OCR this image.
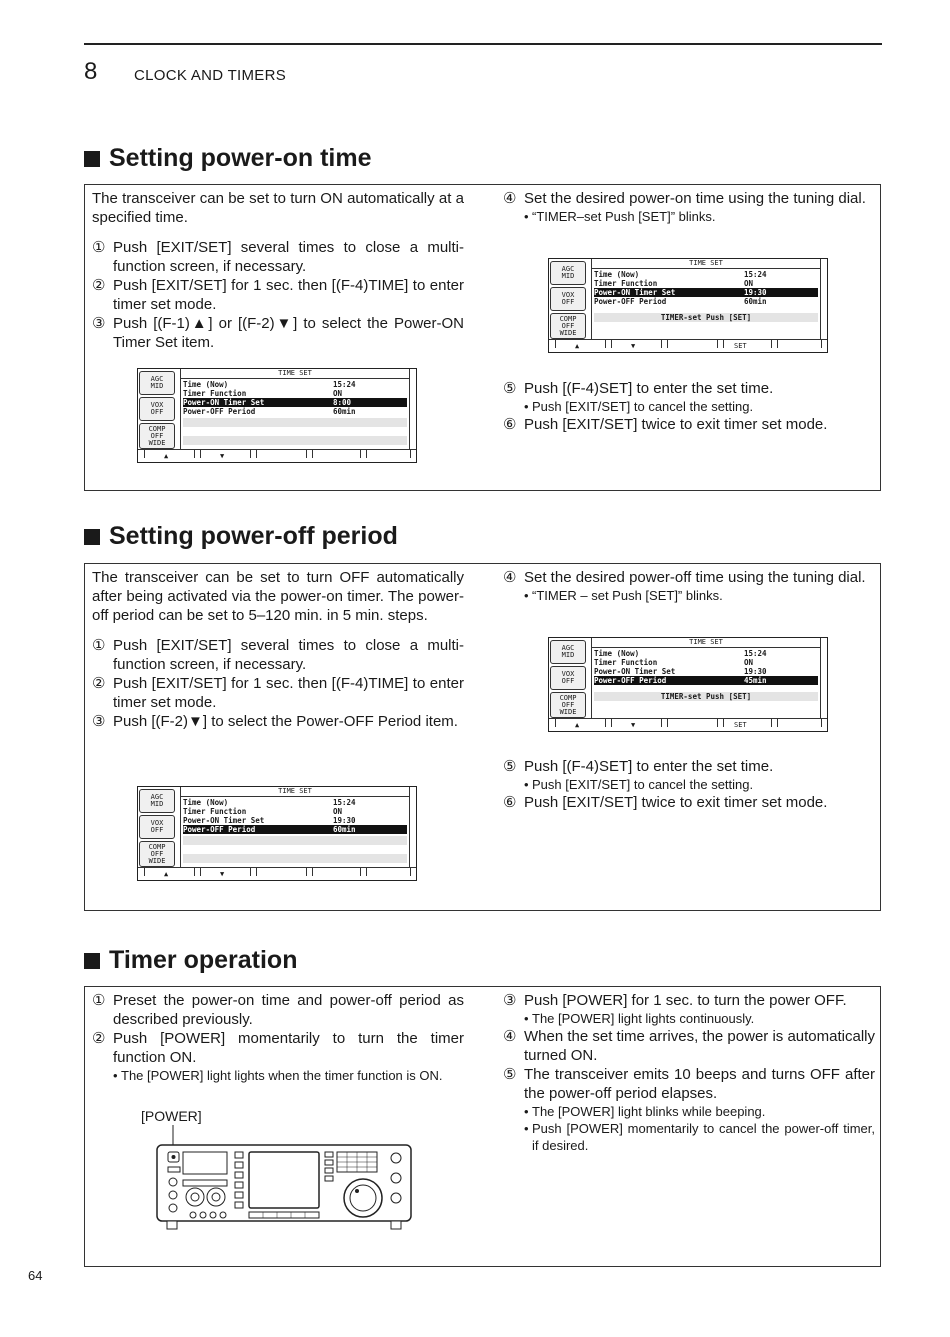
8 CLOCK AND TIMERS
Setting power-on time

The transceiver can be set to turn ON automatically at a specified time.

① Push [EXIT/SET] several times to close a multi-function screen, if necessary.
② Push [EXIT/SET] for 1 sec. then [(F-4)TIME] to enter timer set mode.
③ Push [(F-1)▲] or [(F-2)▼] to select the Power-ON Timer Set item.
AGC
MID
VOX
OFF
COMP
OFF
WIDE
TIME SET
Time (Now)	15:24
Timer Function	ON
Power-ON Timer Set	8:00
Power-OFF Period	60min
▲	▼
④ Set the desired power-on time using the tuning dial.
• “TIMER–set Push [SET]” blinks.
AGC
MID
VOX
OFF
COMP
OFF
WIDE
TIME SET
Time (Now)	15:24
Timer Function	ON
Power-ON Timer Set	19:30
Power-OFF Period	60min
TIMER-set Push [SET]
▲	▼	SET
⑤ Push [(F-4)SET] to enter the set time.
• Push [EXIT/SET] to cancel the setting.
⑥ Push [EXIT/SET] twice to exit timer set mode.
Setting power-off period

The transceiver can be set to turn OFF automatically after being activated via the power-on timer. The power-off period can be set to 5–120 min. in 5 min. steps.

① Push [EXIT/SET] several times to close a multi-function screen, if necessary.
② Push [EXIT/SET] for 1 sec. then [(F-4)TIME] to enter timer set mode.
③ Push [(F-2)▼] to select the Power-OFF Period item.
AGC
MID
VOX
OFF
COMP
OFF
WIDE
TIME SET
Time (Now)	15:24
Timer Function	ON
Power-ON Timer Set	19:30
Power-OFF Period	60min
▲	▼
④ Set the desired power-off time using the tuning dial.
• “TIMER – set Push [SET]” blinks.
AGC
MID
VOX
OFF
COMP
OFF
WIDE
TIME SET
Time (Now)	15:24
Timer Function	ON
Power-ON Timer Set	19:30
Power-OFF Period	45min
TIMER-set Push [SET]
▲	▼	SET
⑤ Push [(F-4)SET] to enter the set time.
• Push [EXIT/SET] to cancel the setting.
⑥ Push [EXIT/SET] twice to exit timer set mode.
Timer operation
① Preset the power-on time and power-off period as described previously.
② Push [POWER] momentarily to turn the timer function ON.
• The [POWER] light lights when the timer function is ON.
[POWER]
③ Push [POWER] for 1 sec. to turn the power OFF.
• The [POWER] light lights continuously.
④ When the set time arrives, the power is automatically turned ON.
⑤ The transceiver emits 10 beeps and turns OFF after the power-off period elapses.
• The [POWER] light blinks while beeping.
• Push [POWER] momentarily to cancel the power-off timer, if desired.
64
